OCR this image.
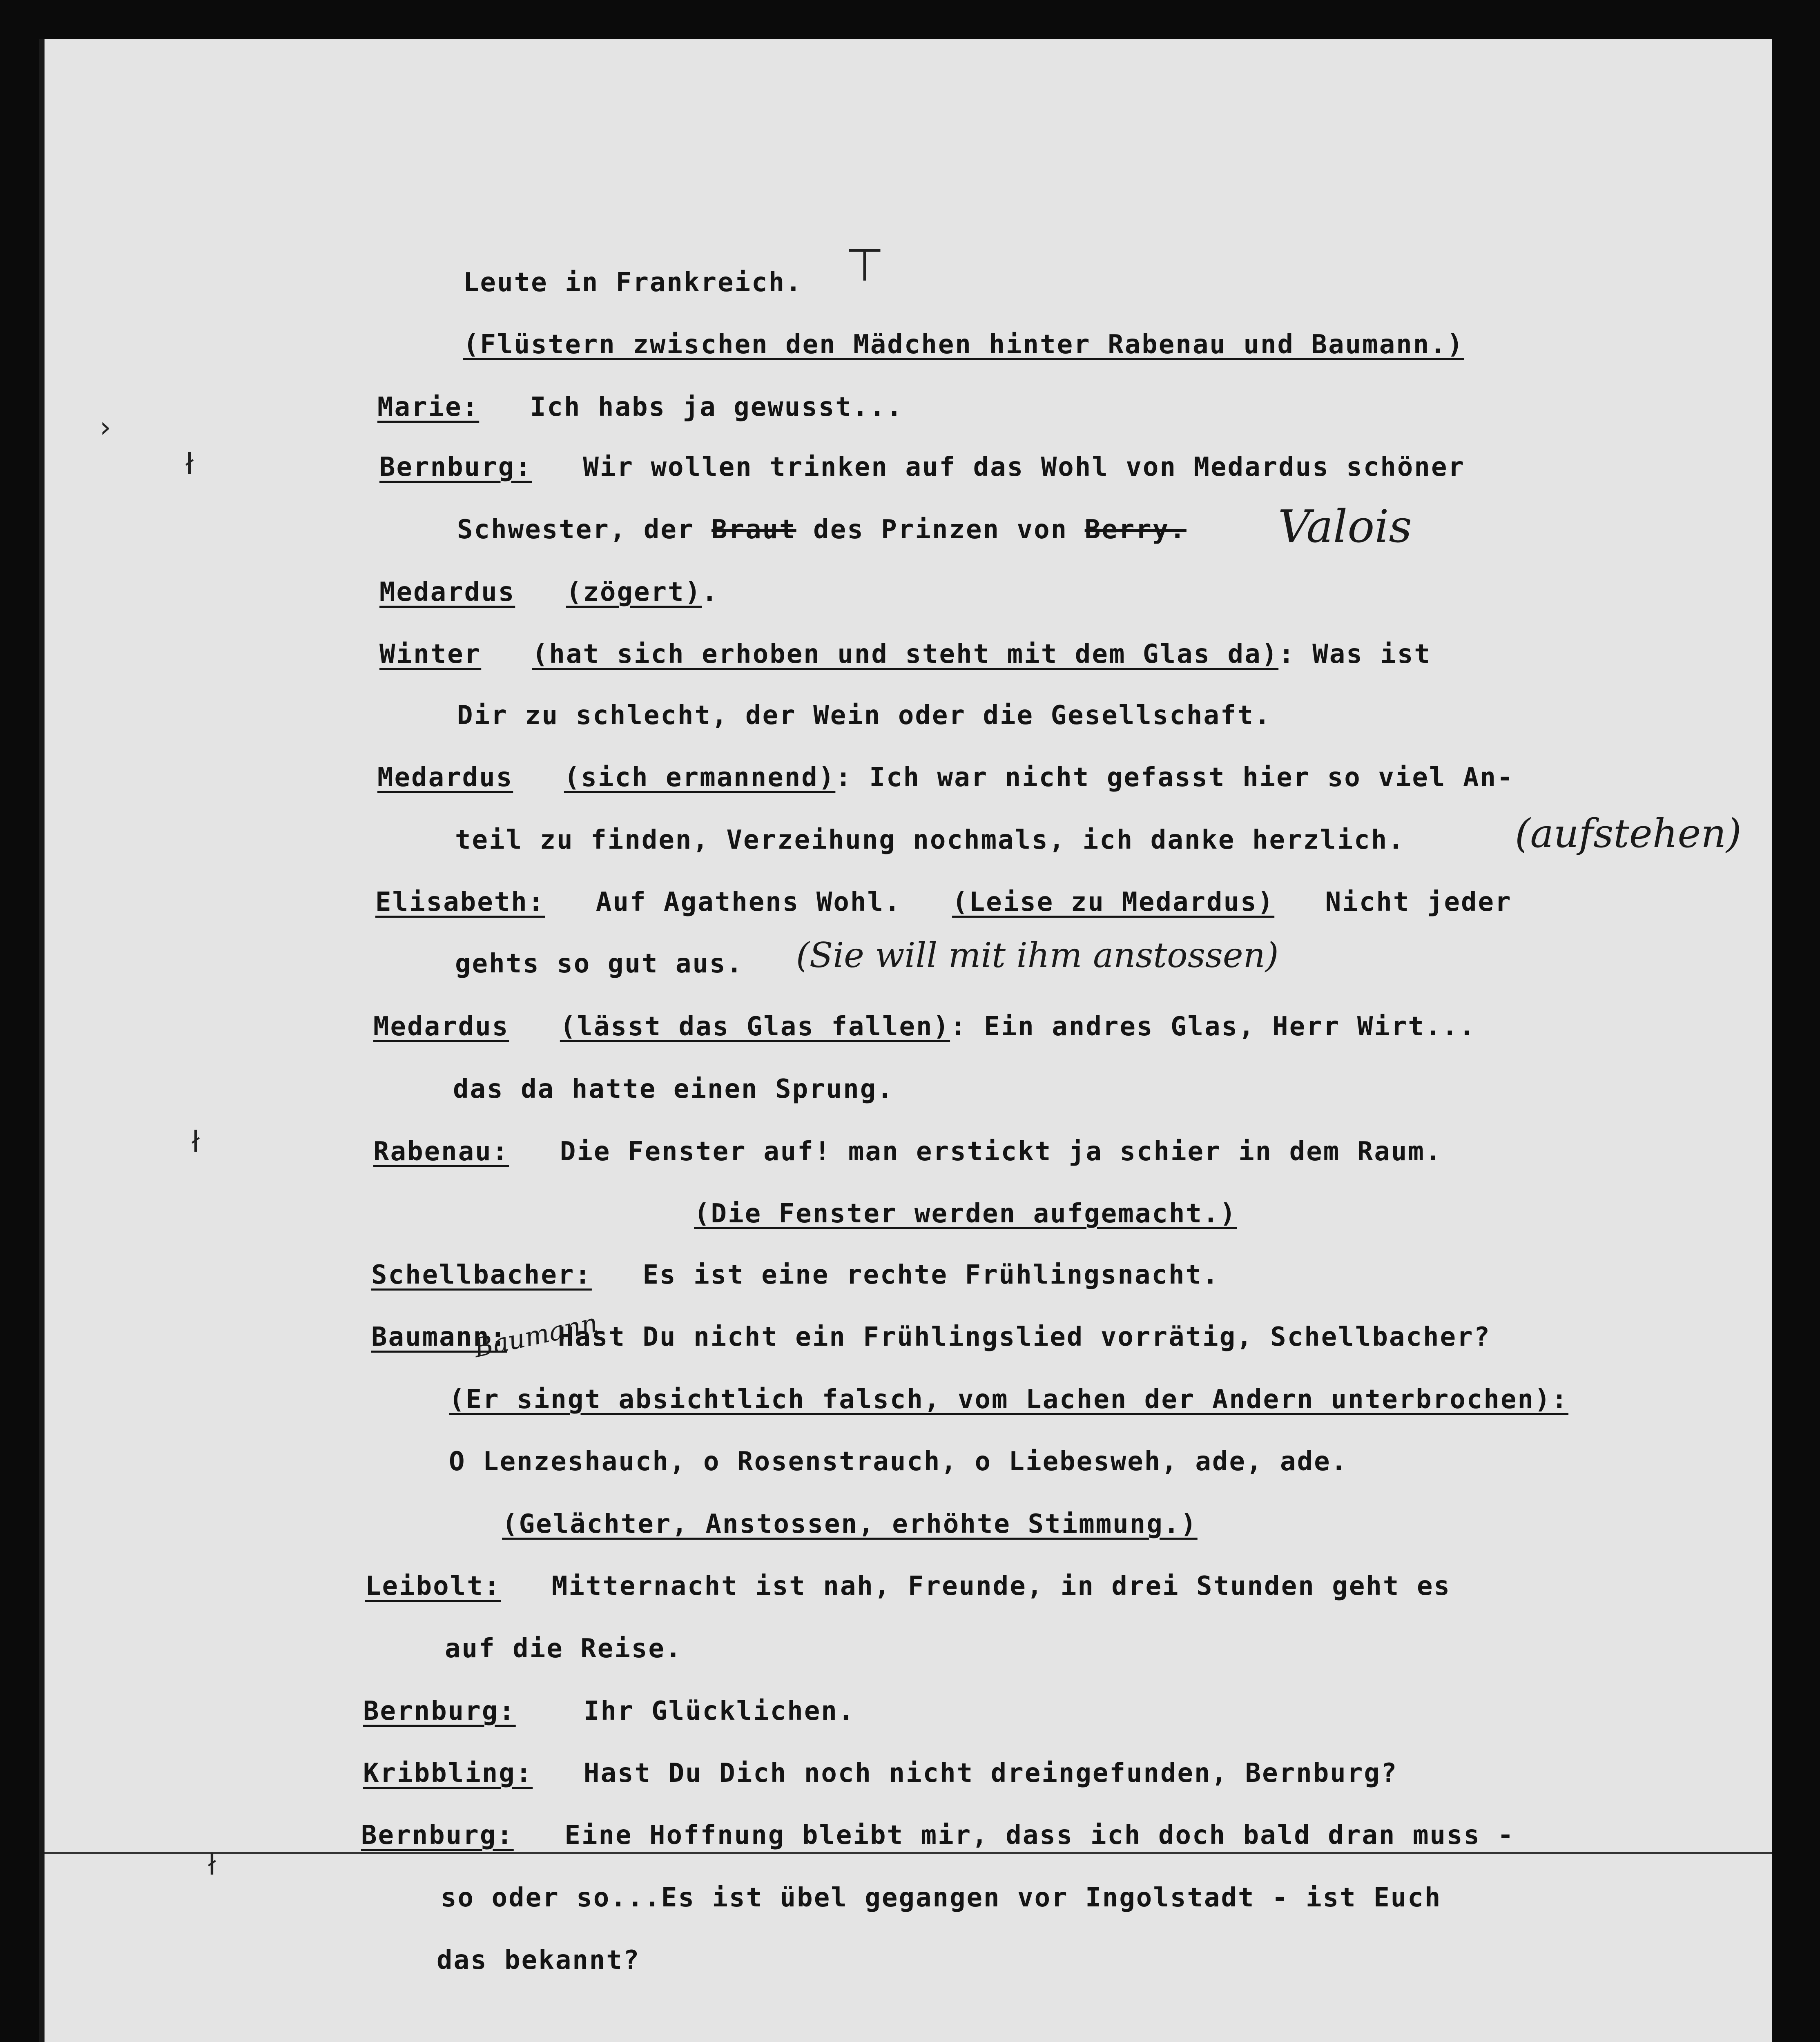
Leute in Frankreich. ⊤
(Flüstern zwischen den Mädchen hinter Rabenau und Baumann.)
Marie: Ich habs ja gewusst...
Bernburg: Wir wollen trinken auf das Wohl von Medardus schöner
Schwester, der Braut des Prinzen von Berry. Valois
Medardus (zögert).
Winter (hat sich erhoben und steht mit dem Glas da): Was ist
Dir zu schlecht, der Wein oder die Gesellschaft.
Medardus (sich ermannend): Ich war nicht gefasst hier so viel An-
teil zu finden, Verzeihung nochmals, ich danke herzlich.	(aufstehen)
Elisabeth: Auf Agathens Wohl. (Leise zu Medardus) Nicht jeder
gehts so gut aus. (Sie will mit ihm anstossen)
Medardus (lässt das Glas fallen): Ein andres Glas, Herr Wirt...
das da hatte einen Sprung.
Rabenau: Die Fenster auf! man erstickt ja schier in dem Raum.
(Die Fenster werden aufgemacht.)
Schellbacher: Es ist eine rechte Frühlingsnacht.
Baumann: Hast Du nicht ein Frühlingslied vorrätig, Schellbacher?
Baumann
(Er singt absichtlich falsch, vom Lachen der Andern unterbrochen):
O Lenzeshauch, o Rosenstrauch, o Liebesweh, ade, ade.
(Gelächter, Anstossen, erhöhte Stimmung.)
Leibolt: Mitternacht ist nah, Freunde, in drei Stunden geht es
auf die Reise.
Bernburg:	Ihr Glücklichen.
Kribbling: Hast Du Dich noch nicht dreingefunden, Bernburg?
Bernburg: Eine Hoffnung bleibt mir, dass ich doch bald dran muss -
so oder so...Es ist übel gegangen vor Ingolstadt - ist Euch
das bekannt?
›
ł
ł
ł
